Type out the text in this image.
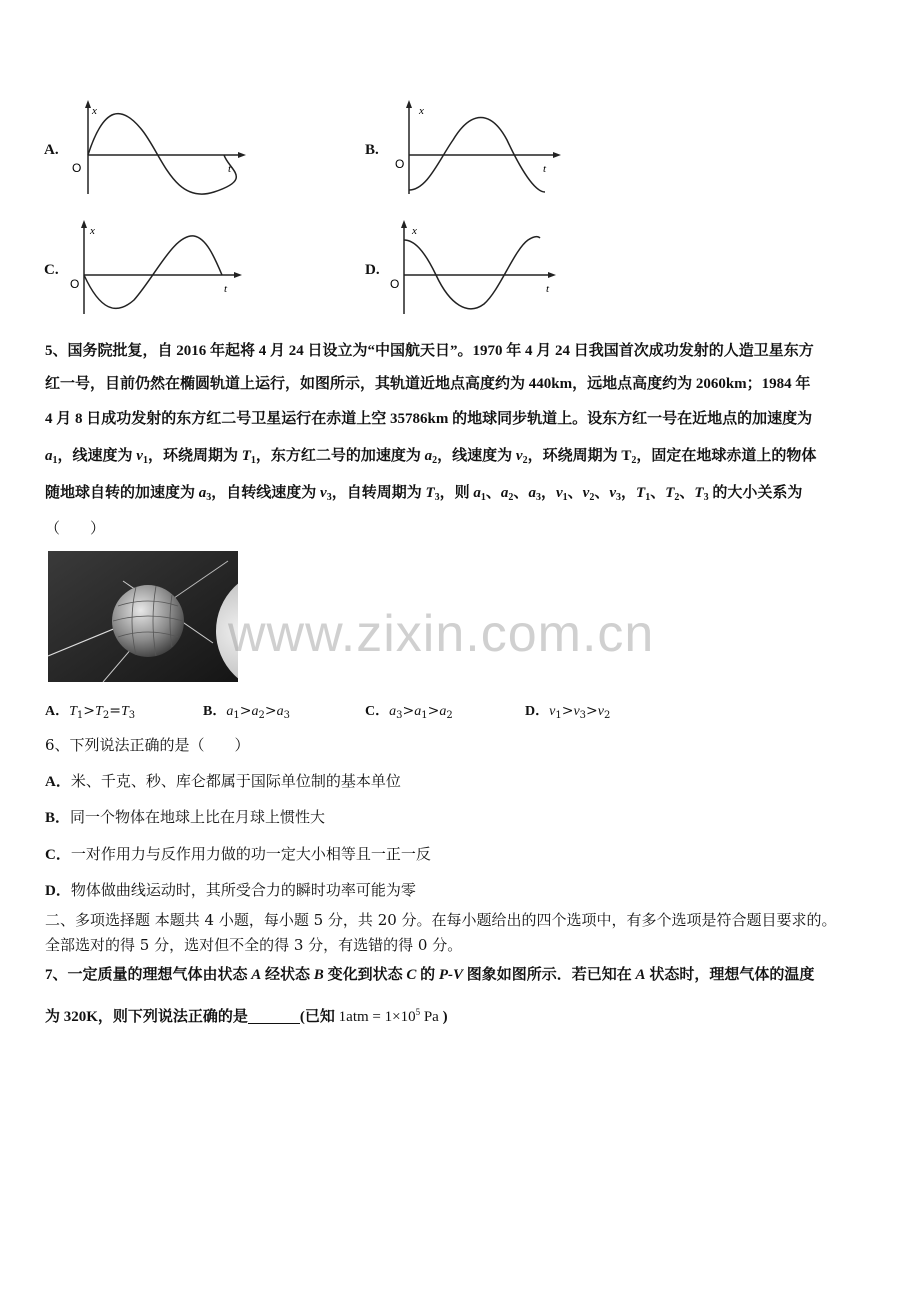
A.
x
t
O
B.
x
t
O
C.
x
t
O
D.
x
t
O
5、国务院批复，自 2016 年起将 4 月 24 日设立为“中国航天日”。1970 年 4 月 24 日我国首次成功发射的人造卫星东方
红一号，目前仍然在椭圆轨道上运行，如图所示，其轨道近地点高度约为 440km，远地点高度约为 2060km；1984 年
4 月 8 日成功发射的东方红二号卫星运行在赤道上空 35786km 的地球同步轨道上。设东方红一号在近地点的加速度为
$a_1$，线速度为 $v_1$，环绕周期为 $T_1$，东方红二号的加速度为 $a_2$，线速度为 $v_2$，环绕周期为 $T_2$，固定在地球赤道上的物体
随地球自转的加速度为 $a_3$，自转线速度为 $v_3$，自转周期为 $T_3$，则 $a_1$、$a_2$、$a_3$，$v_1$、$v_2$、$v_3$，$T_1$、$T_2$、$T_3$ 的大小关系为
（　　）
www.zixin.com.cn
A．$T_1>T_2=T_3$	B．$a_1>a_2>a_3$	C．$a_3>a_1>a_2$	D．$v_1>v_3>v_2$
6、下列说法正确的是（　　）
A．米、千克、秒、库仑都属于国际单位制的基本单位
B．同一个物体在地球上比在月球上惯性大
C．一对作用力与反作用力做的功一定大小相等且一正一反
D．物体做曲线运动时，其所受合力的瞬时功率可能为零
二、多项选择题 本题共 4 小题，每小题 5 分，共 20 分。在每小题给出的四个选项中，有多个选项是符合题目要求的。
全部选对的得 5 分，选对但不全的得 3 分，有选错的得 0 分。
7、一定质量的理想气体由状态 A 经状态 B 变化到状态 C 的 P-V 图象如图所示．若已知在 A 状态时，理想气体的温度
为 320K，则下列说法正确的是	(已知 $1atm = 1\times 10^5$ Pa )
